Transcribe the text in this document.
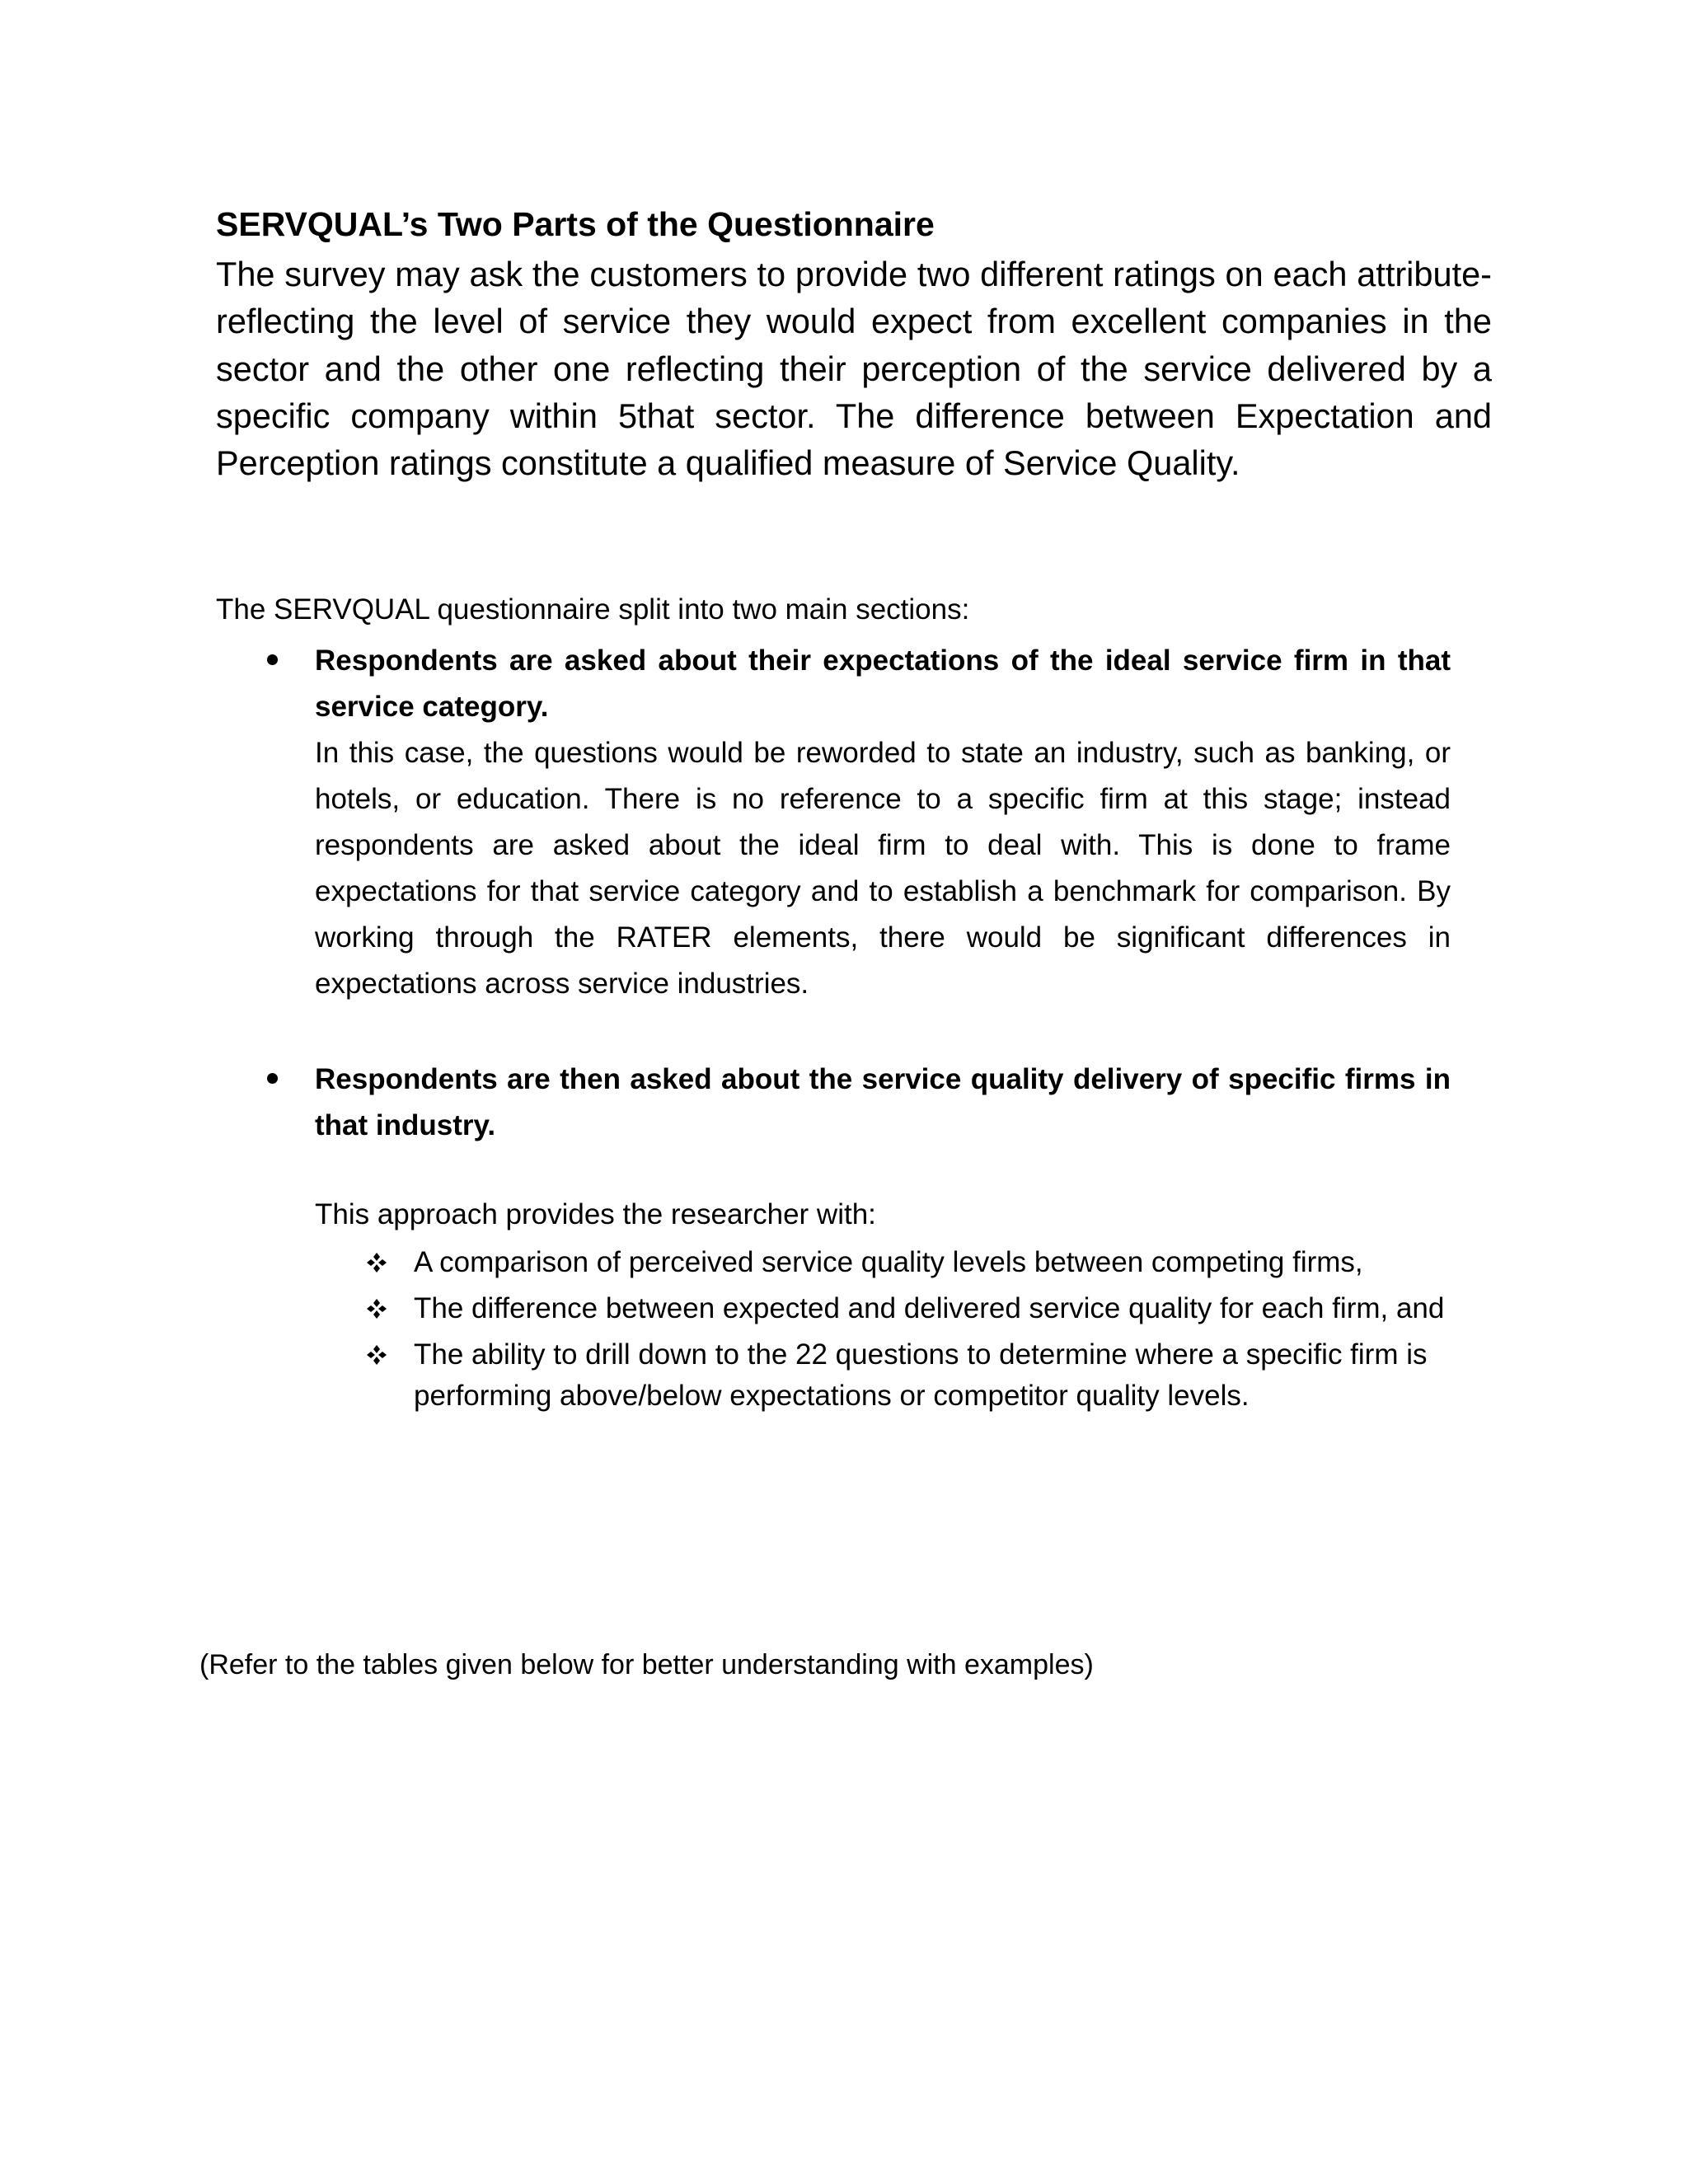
SERVQUAL’s Two Parts of the Questionnaire

The survey may ask the customers to provide two different ratings on each attribute- reflecting the level of service they would expect from excellent companies in the sector and the other one reflecting their perception of the service delivered by a specific company within 5that sector. The difference between Expectation and Perception ratings constitute a qualified measure of Service Quality.

The SERVQUAL questionnaire split into two main sections:

Respondents are asked about their expectations of the ideal service firm in that service category.

In this case, the questions would be reworded to state an industry, such as banking, or hotels, or education. There is no reference to a specific firm at this stage; instead respondents are asked about the ideal firm to deal with. This is done to frame expectations for that service category and to establish a benchmark for comparison. By working through the RATER elements, there would be significant differences in expectations across service industries.

Respondents are then asked about the service quality delivery of specific firms in that industry.

This approach provides the researcher with:
A comparison of perceived service quality levels between competing firms,
The difference between expected and delivered service quality for each firm, and
The ability to drill down to the 22 questions to determine where a specific firm is performing above/below expectations or competitor quality levels.
(Refer to the tables given below for better understanding with examples)
